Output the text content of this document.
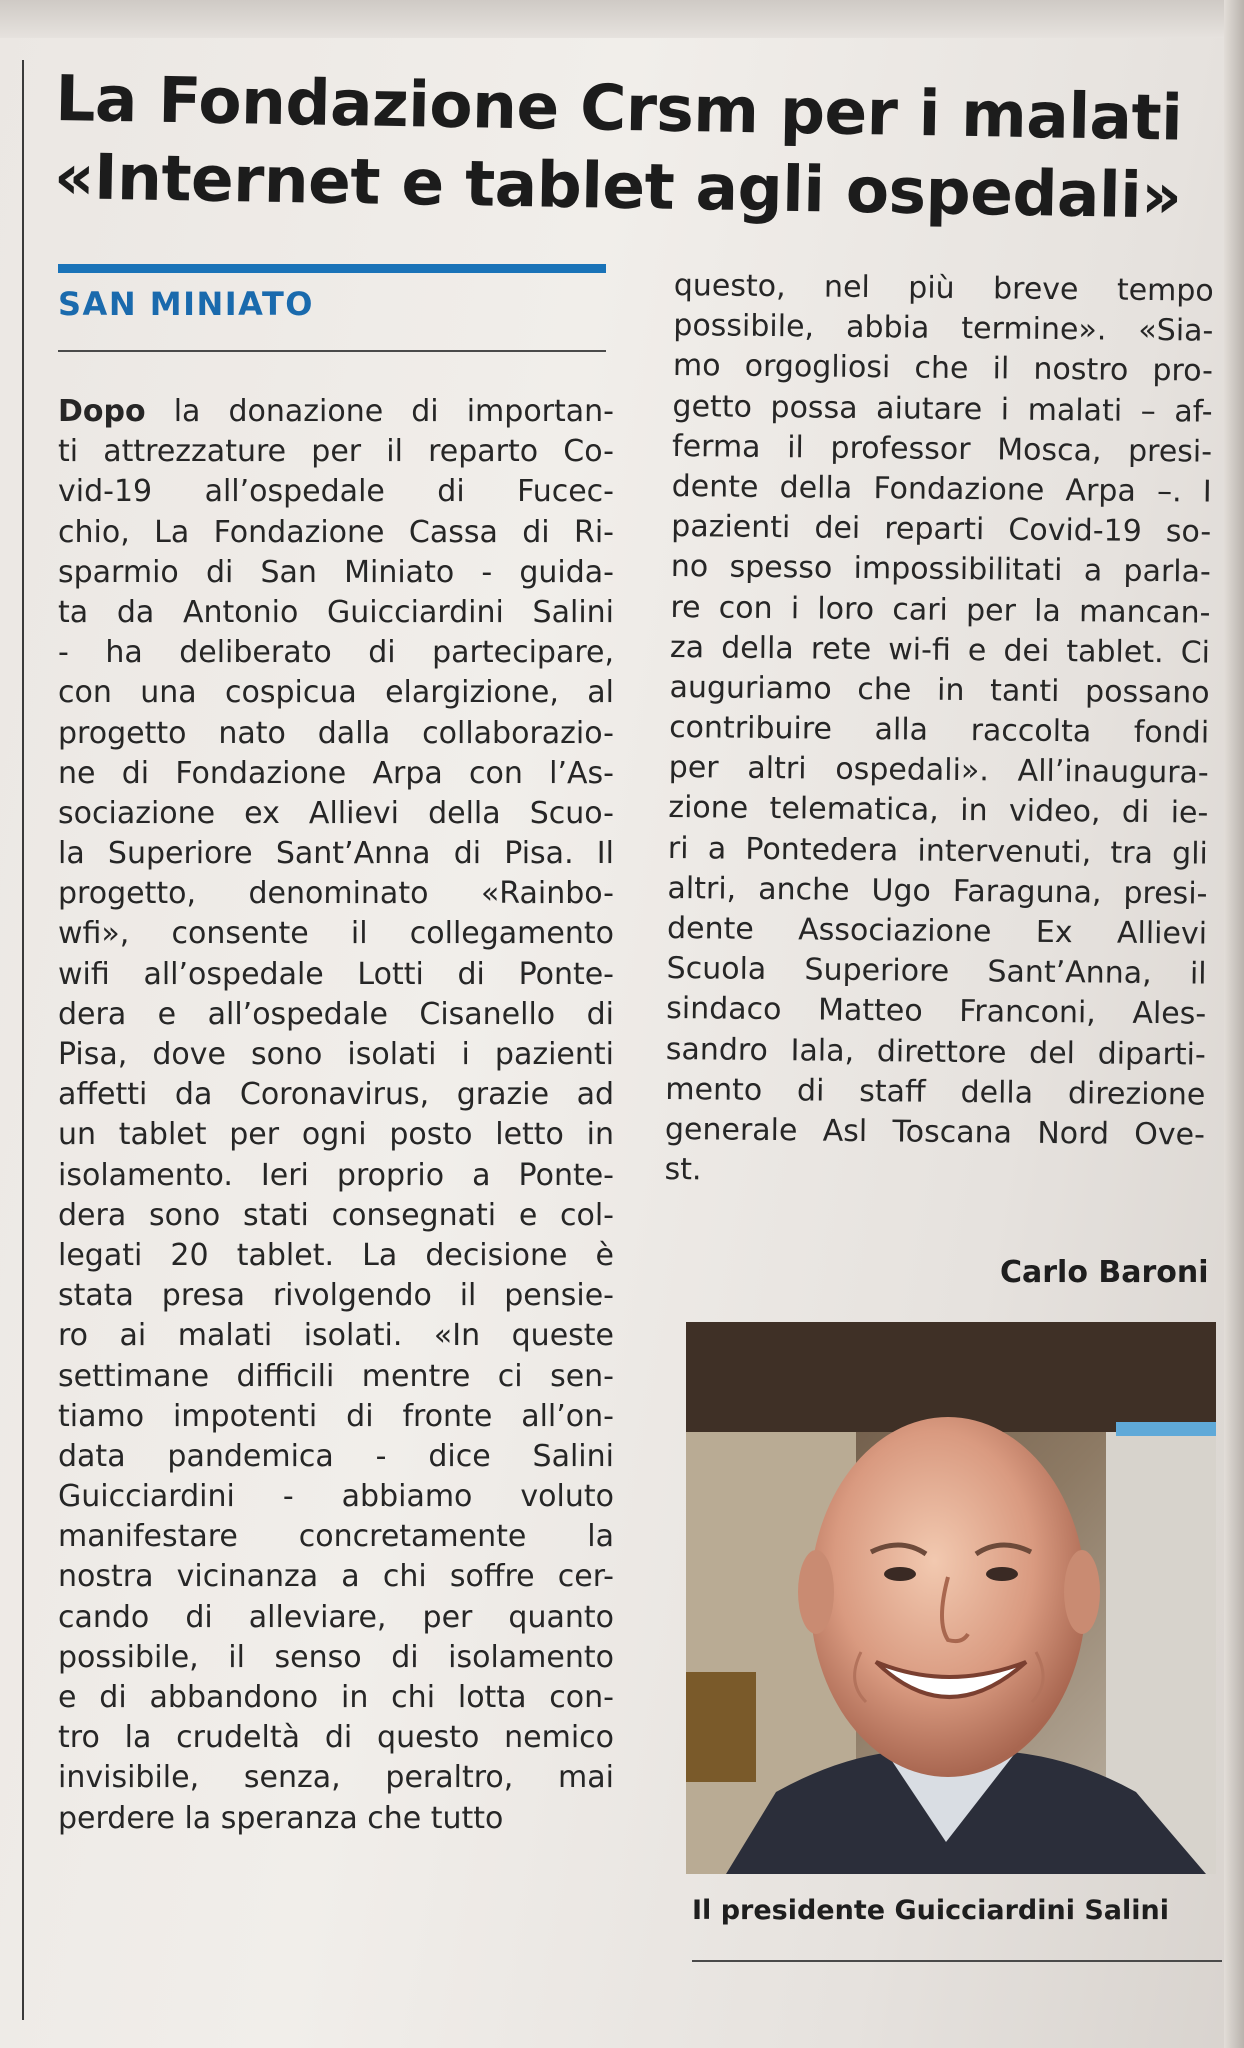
La Fondazione Crsm per i malati
«Internet e tablet agli ospedali»
SAN MINIATO

Dopo la donazione di importan-

ti attrezzature per il reparto Co-

vid-19 all’ospedale di Fucec-

chio, La Fondazione Cassa di Ri-

sparmio di San Miniato - guida-

ta da Antonio Guicciardini Salini

- ha deliberato di partecipare,

con una cospicua elargizione, al

progetto nato dalla collaborazio-

ne di Fondazione Arpa con l’As-

sociazione ex Allievi della Scuo-

la Superiore Sant’Anna di Pisa. Il

progetto, denominato «Rainbo-

wfi», consente il collegamento

wifi all’ospedale Lotti di Ponte-

dera e all’ospedale Cisanello di

Pisa, dove sono isolati i pazienti

affetti da Coronavirus, grazie ad

un tablet per ogni posto letto in

isolamento. Ieri proprio a Ponte-

dera sono stati consegnati e col-

legati 20 tablet. La decisione è

stata presa rivolgendo il pensie-

ro ai malati isolati. «In queste

settimane difficili mentre ci sen-

tiamo impotenti di fronte all’on-

data pandemica - dice Salini

Guicciardini - abbiamo voluto

manifestare concretamente la

nostra vicinanza a chi soffre cer-

cando di alleviare, per quanto

possibile, il senso di isolamento

e di abbandono in chi lotta con-

tro la crudeltà di questo nemico

invisibile, senza, peraltro, mai

perdere la speranza che tutto

questo, nel più breve tempo

possibile, abbia termine». «Sia-

mo orgogliosi che il nostro pro-

getto possa aiutare i malati – af-

ferma il professor Mosca, presi-

dente della Fondazione Arpa –. I

pazienti dei reparti Covid-19 so-

no spesso impossibilitati a parla-

re con i loro cari per la mancan-

za della rete wi-fi e dei tablet. Ci

auguriamo che in tanti possano

contribuire alla raccolta fondi

per altri ospedali». All’inaugura-

zione telematica, in video, di ie-

ri a Pontedera intervenuti, tra gli

altri, anche Ugo Faraguna, presi-

dente Associazione Ex Allievi

Scuola Superiore Sant’Anna, il

sindaco Matteo Franconi, Ales-

sandro Iala, direttore del diparti-

mento di staff della direzione

generale Asl Toscana Nord Ove-

st.

Carlo Baroni

Il presidente Guicciardini Salini
